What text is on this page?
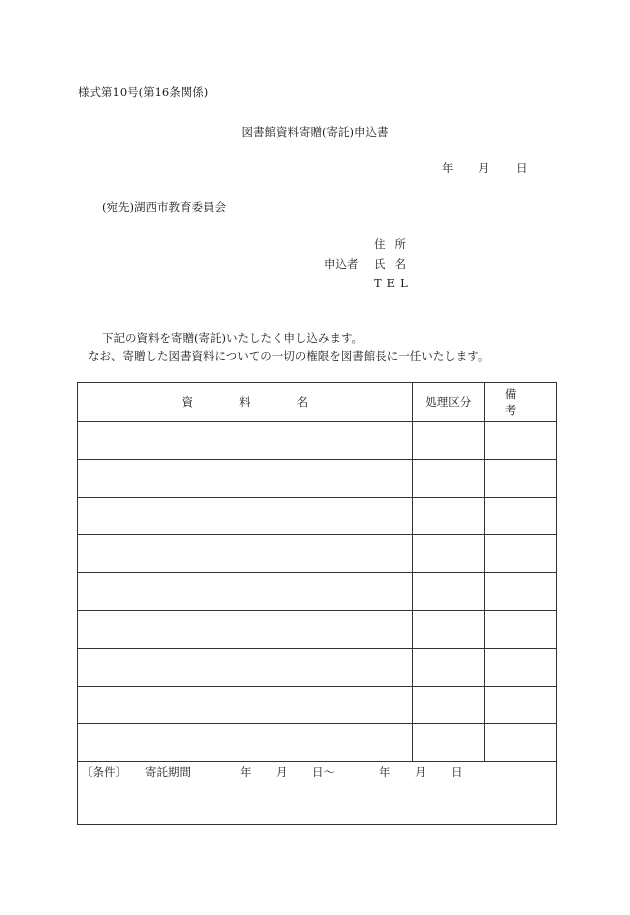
様式第10号(第16条関係)
図書館資料寄贈(寄託)申込書
年 月 日
(宛先)湖西市教育委員会
住所
申込者 氏名
TEL
下記の資料を寄贈(寄託)いたしたく申し込みます。
なお、寄贈した図書資料についての一切の権限を図書館長に一任いたします。
資料名	処理区分	備考

〔条件〕 寄託期間	年 月 日〜	年 月 日
